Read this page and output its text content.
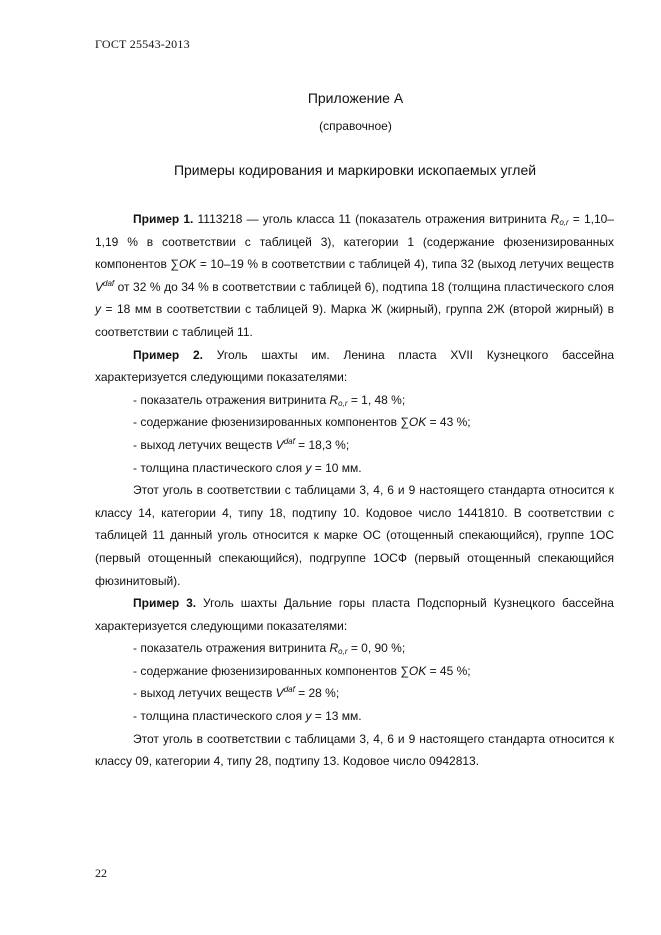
ГОСТ 25543-2013
Приложение А
(справочное)
Примеры кодирования и маркировки ископаемых углей

Пример 1. 1113218 — уголь класса 11 (показатель отражения витринита $R_{o,r} = 1,10-1,19$ % в соответствии с таблицей 3), категории 1 (содержание фюзенизированных компонентов ∑OK = 10–19 % в соответствии с таблицей 4), типа 32 (выход летучих веществ $V^{daf}$ от 32 % до 34 % в соответствии с таблицей 6), подтипа 18 (толщина пластического слоя y = 18 мм в соответствии с таблицей 9). Марка Ж (жирный), группа 2Ж (второй жирный) в соответствии с таблицей 11.

Пример 2. Уголь шахты им. Ленина пласта XVII Кузнецкого бассейна характеризуется следующими показателями:

- показатель отражения витринита $R_{o,r} = 1$, 48 %;

- содержание фюзенизированных компонентов ∑OK = 43 %;

- выход летучих веществ $V^{daf} = 18,3$ %;

- толщина пластического слоя y = 10 мм.

Этот уголь в соответствии с таблицами 3, 4, 6 и 9 настоящего стандарта относится к классу 14, категории 4, типу 18, подтипу 10. Кодовое число 1441810. В соответствии с таблицей 11 данный уголь относится к марке ОС (отощенный спекающийся), группе 1ОС (первый отощенный спекающийся), подгруппе 1ОСФ (первый отощенный спекающийся фюзинитовый).

Пример 3. Уголь шахты Дальние горы пласта Подспорный Кузнецкого бассейна характеризуется следующими показателями:

- показатель отражения витринита $R_{o,r} = 0$, 90 %;

- содержание фюзенизированных компонентов ∑OK = 45 %;

- выход летучих веществ $V^{daf} = 28$ %;

- толщина пластического слоя y = 13 мм.

Этот уголь в соответствии с таблицами 3, 4, 6 и 9 настоящего стандарта относится к классу 09, категории 4, типу 28, подтипу 13. Кодовое число 0942813.

22
